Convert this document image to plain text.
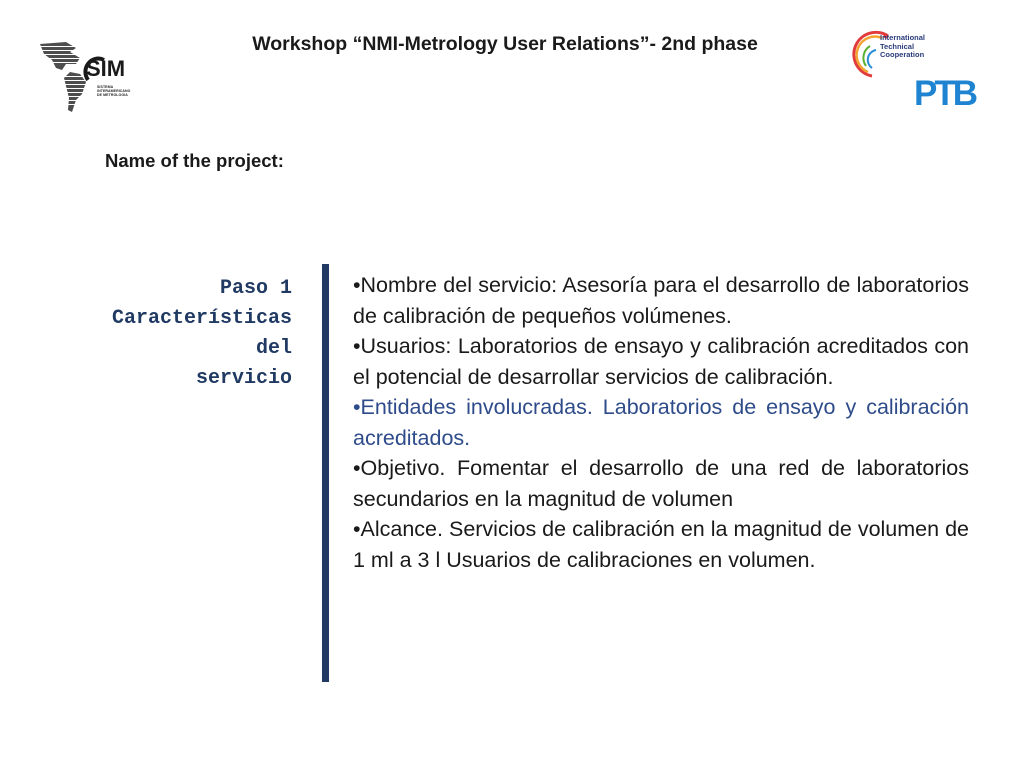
SIM
SISTEMA
INTERAMERICANO
DE METROLOGIA
Workshop “NMI-Metrology User Relations”- 2nd phase	International
Technical
Cooperation
PTB
Name of the project:
Paso 1
Características
del
servicio

•Nombre del servicio: Asesoría para el desarrollo de laboratorios de calibración de pequeños volúmenes.

•Usuarios: Laboratorios de ensayo y calibración acreditados con el potencial de desarrollar servicios de calibración.

•Entidades involucradas. Laboratorios de ensayo y calibración acreditados.

•Objetivo. Fomentar el desarrollo de una red de laboratorios secundarios en la magnitud de volumen

•Alcance. Servicios de calibración en la magnitud de volumen de 1 ml a 3 l Usuarios de calibraciones en volumen.
